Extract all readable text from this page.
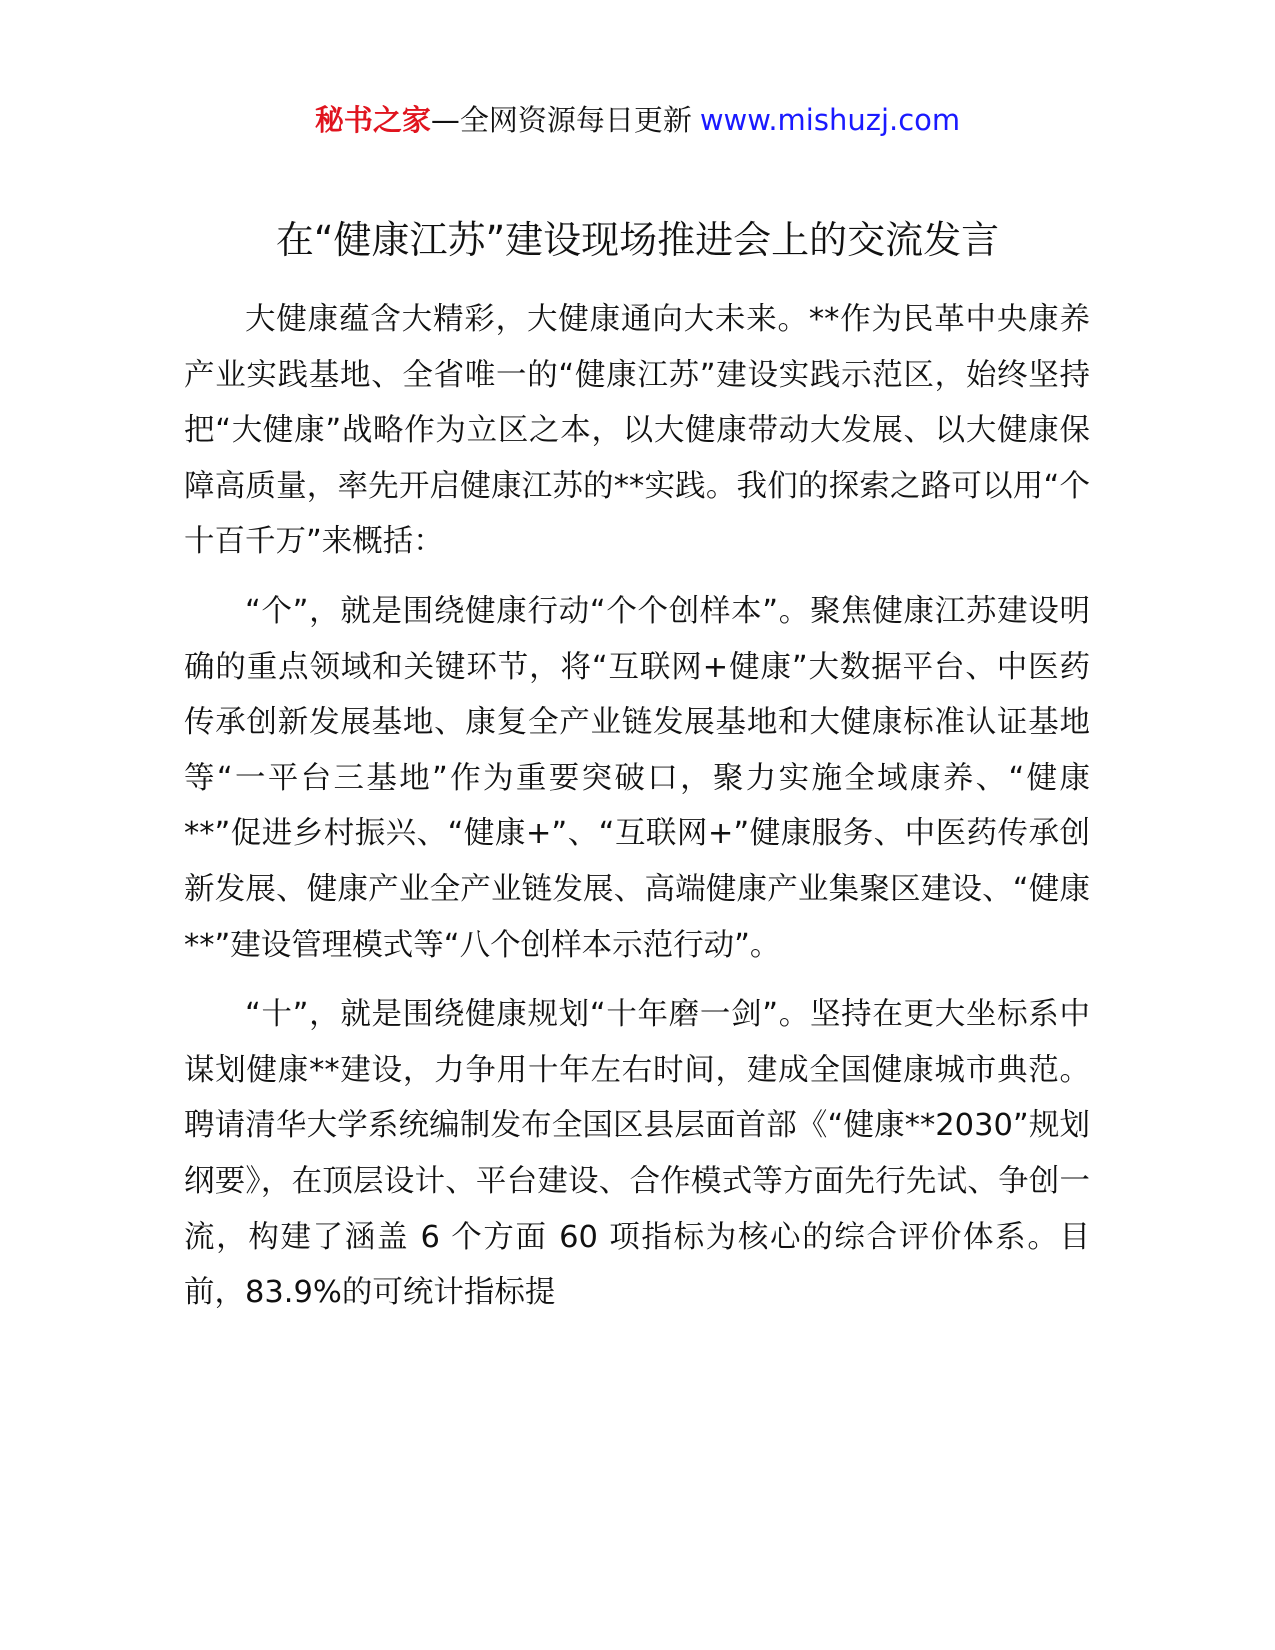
秘书之家—全网资源每日更新 www.mishuzj.com
在“健康江苏”建设现场推进会上的交流发言

大健康蕴含大精彩，大健康通向大未来。**作为民革中央康养产业实践基地、全省唯一的“健康江苏”建设实践示范区，始终坚持把“大健康”战略作为立区之本，以大健康带动大发展、以大健康保障高质量，率先开启健康江苏的**实践。我们的探索之路可以用“个十百千万”来概括：

“个”，就是围绕健康行动“个个创样本”。聚焦健康江苏建设明确的重点领域和关键环节，将“互联网+健康”大数据平台、中医药传承创新发展基地、康复全产业链发展基地和大健康标准认证基地等“一平台三基地”作为重要突破口，聚力实施全域康养、“健康**”促进乡村振兴、“健康+”、“互联网+”健康服务、中医药传承创新发展、健康产业全产业链发展、高端健康产业集聚区建设、“健康**”建设管理模式等“八个创样本示范行动”。

“十”，就是围绕健康规划“十年磨一剑”。坚持在更大坐标系中谋划健康**建设，力争用十年左右时间，建成全国健康城市典范。聘请清华大学系统编制发布全国区县层面首部《“健康**2030”规划纲要》，在顶层设计、平台建设、合作模式等方面先行先试、争创一流，构建了涵盖 6 个方面 60 项指标为核心的综合评价体系。目前，83.9%的可统计指标提
